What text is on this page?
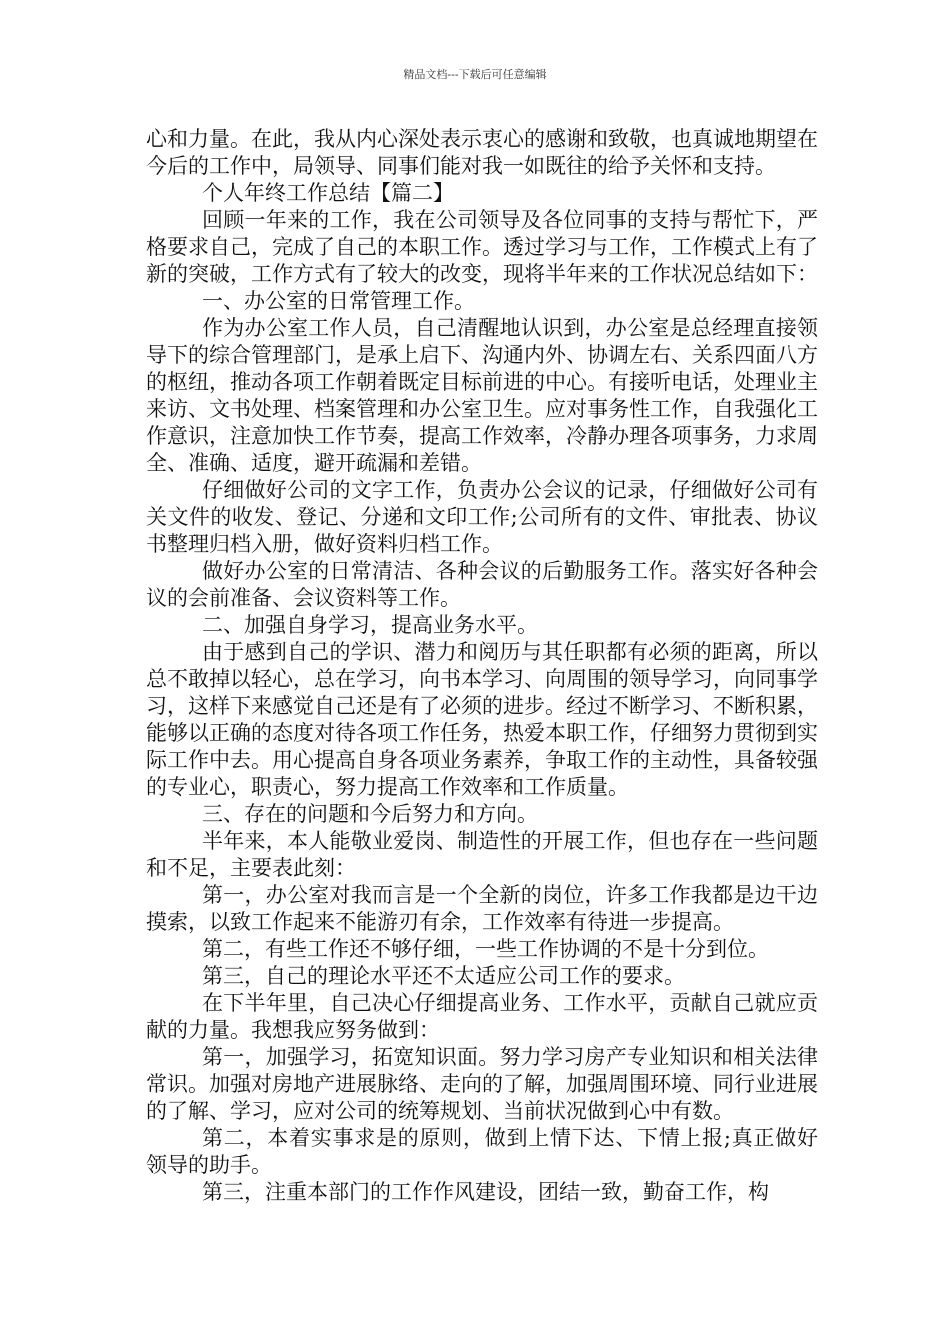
精品文档---下载后可任意编辑

心和力量。在此，我从内心深处表示衷心的感谢和致敬，也真诚地期望在今后的工作中，局领导、同事们能对我一如既往的给予关怀和支持。

个人年终工作总结【篇二】

回顾一年来的工作，我在公司领导及各位同事的支持与帮忙下，严格要求自己，完成了自己的本职工作。透过学习与工作，工作模式上有了新的突破，工作方式有了较大的改变，现将半年来的工作状况总结如下：

一、办公室的日常管理工作。

作为办公室工作人员，自己清醒地认识到，办公室是总经理直接领导下的综合管理部门，是承上启下、沟通内外、协调左右、关系四面八方的枢纽，推动各项工作朝着既定目标前进的中心。有接听电话，处理业主来访、文书处理、档案管理和办公室卫生。应对事务性工作，自我强化工作意识，注意加快工作节奏，提高工作效率，冷静办理各项事务，力求周全、准确、适度，避开疏漏和差错。

仔细做好公司的文字工作，负责办公会议的记录，仔细做好公司有关文件的收发、登记、分递和文印工作;公司所有的文件、审批表、协议书整理归档入册，做好资料归档工作。

做好办公室的日常清洁、各种会议的后勤服务工作。落实好各种会议的会前准备、会议资料等工作。

二、加强自身学习，提高业务水平。

由于感到自己的学识、潜力和阅历与其任职都有必须的距离，所以总不敢掉以轻心，总在学习，向书本学习、向周围的领导学习，向同事学习，这样下来感觉自己还是有了必须的进步。经过不断学习、不断积累，能够以正确的态度对待各项工作任务，热爱本职工作，仔细努力贯彻到实际工作中去。用心提高自身各项业务素养，争取工作的主动性，具备较强的专业心，职责心，努力提高工作效率和工作质量。

三、存在的问题和今后努力和方向。

半年来，本人能敬业爱岗、制造性的开展工作，但也存在一些问题和不足，主要表此刻：

第一，办公室对我而言是一个全新的岗位，许多工作我都是边干边摸索，以致工作起来不能游刃有余，工作效率有待进一步提高。

第二，有些工作还不够仔细，一些工作协调的不是十分到位。

第三，自己的理论水平还不太适应公司工作的要求。

在下半年里，自己决心仔细提高业务、工作水平，贡献自己就应贡献的力量。我想我应努务做到：

第一，加强学习，拓宽知识面。努力学习房产专业知识和相关法律常识。加强对房地产进展脉络、走向的了解，加强周围环境、同行业进展的了解、学习，应对公司的统筹规划、当前状况做到心中有数。

第二，本着实事求是的原则，做到上情下达、下情上报;真正做好领导的助手。

第三，注重本部门的工作作风建设，团结一致，勤奋工作，构
